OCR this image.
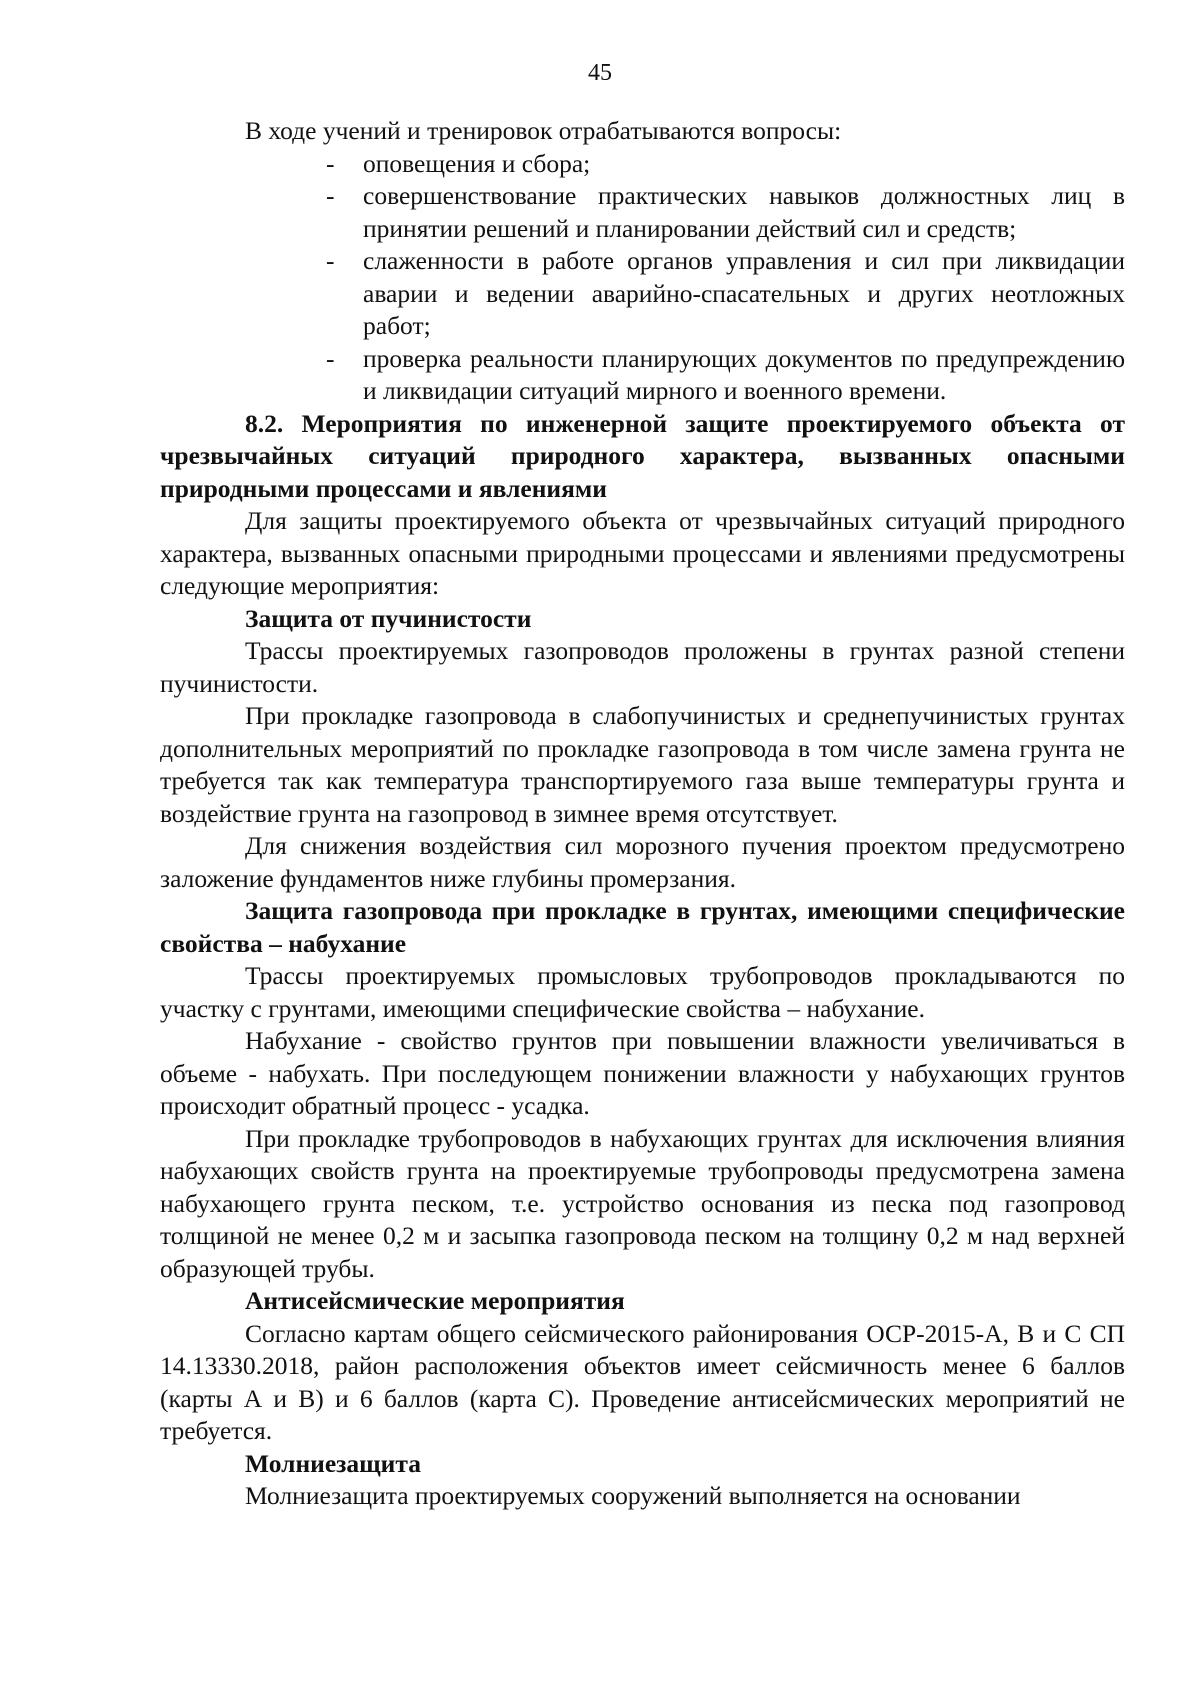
45

В ходе учений и тренировок отрабатываются вопросы:

- оповещения и сбора;
- совершенствование практических навыков должностных лиц в принятии решений и планировании действий сил и средств;
- слаженности в работе органов управления и сил при ликвидации аварии и ведении аварийно-спасательных и других неотложных работ;
- проверка реальности планирующих документов по предупреждению и ликвидации ситуаций мирного и военного времени.

8.2. Мероприятия по инженерной защите проектируемого объекта от чрезвычайных ситуаций природного характера, вызванных опасными природными процессами и явлениями

Для защиты проектируемого объекта от чрезвычайных ситуаций природного характера, вызванных опасными природными процессами и явлениями предусмотрены следующие мероприятия:

Защита от пучинистости

Трассы проектируемых газопроводов проложены в грунтах разной степени пучинистости.

При прокладке газопровода в слабопучинистых и среднепучинистых грунтах дополнительных мероприятий по прокладке газопровода в том числе замена грунта не требуется так как температура транспортируемого газа выше температуры грунта и воздействие грунта на газопровод в зимнее время отсутствует.

Для снижения воздействия сил морозного пучения проектом предусмотрено заложение фундаментов ниже глубины промерзания.

Защита газопровода при прокладке в грунтах, имеющими специфические свойства – набухание

Трассы проектируемых промысловых трубопроводов прокладываются по участку с грунтами, имеющими специфические свойства – набухание.

Набухание - свойство грунтов при повышении влажности увеличиваться в объеме - набухать. При последующем понижении влажности у набухающих грунтов происходит обратный процесс - усадка.

При прокладке трубопроводов в набухающих грунтах для исключения влияния набухающих свойств грунта на проектируемые трубопроводы предусмотрена замена набухающего грунта песком, т.е. устройство основания из песка под газопровод толщиной не менее 0,2 м и засыпка газопровода песком на толщину 0,2 м над верхней образующей трубы.

Антисейсмические мероприятия

Согласно картам общего сейсмического районирования ОСР-2015-А, В и С СП 14.13330.2018, район расположения объектов имеет сейсмичность менее 6 баллов (карты А и В) и 6 баллов (карта С). Проведение антисейсмических мероприятий не требуется.

Молниезащита

Молниезащита проектируемых сооружений выполняется на основании
